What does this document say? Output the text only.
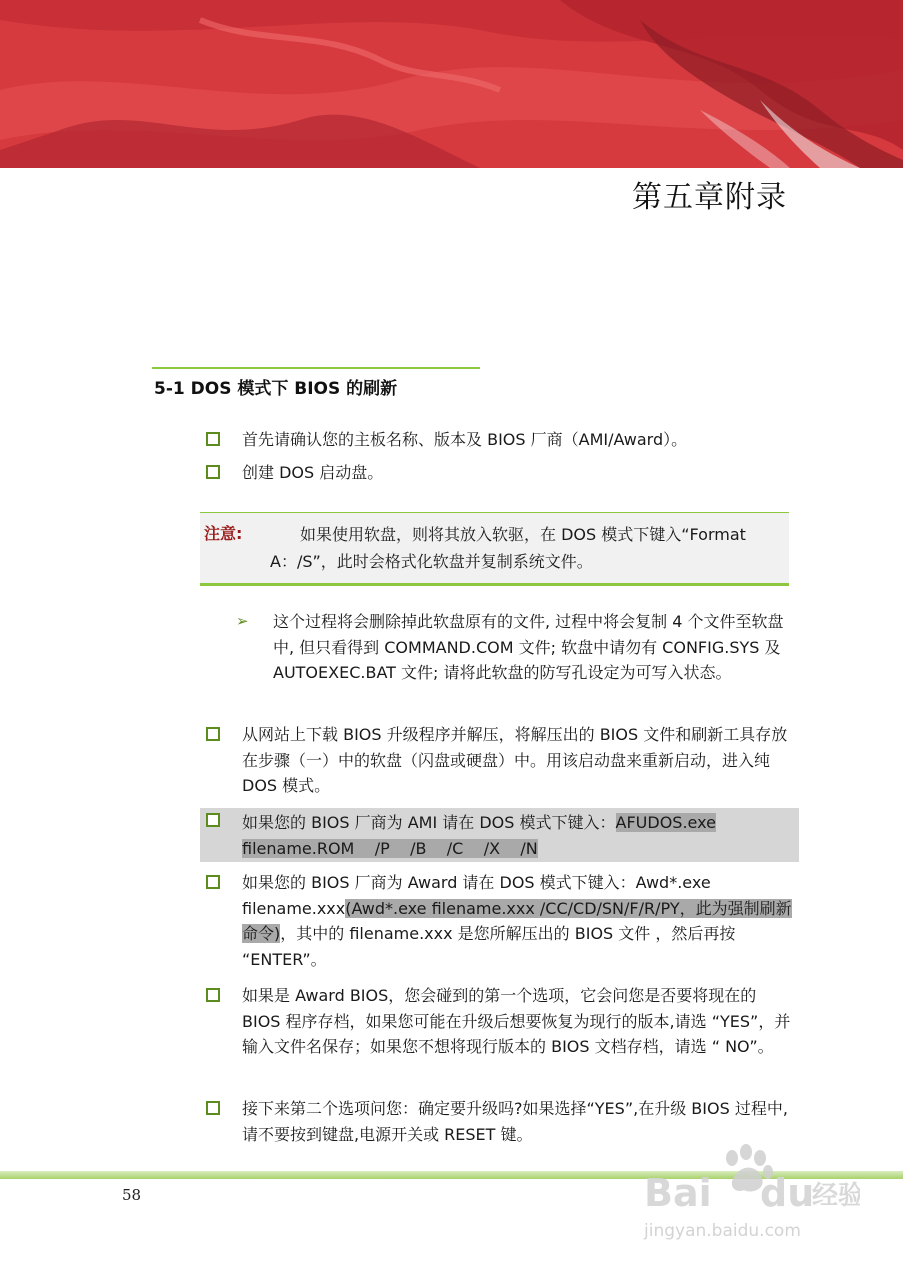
第五章附录
5-1 DOS 模式下 BIOS 的刷新
首先请确认您的主板名称、版本及 BIOS 厂商（AMI/Award）。
创建 DOS 启动盘。
注意:	如果使用软盘，则将其放入软驱，在 DOS 模式下键入“Format A：/S”，此时会格式化软盘并复制系统文件。
➢ 这个过程将会删除掉此软盘原有的文件, 过程中将会复制 4 个文件至软盘中, 但只看得到 COMMAND.COM 文件; 软盘中请勿有 CONFIG.SYS 及 AUTOEXEC.BAT 文件; 请将此软盘的防写孔设定为可写入状态。
从网站上下载 BIOS 升级程序并解压，将解压出的 BIOS 文件和刷新工具存放在步骤（一）中的软盘（闪盘或硬盘）中。用该启动盘来重新启动，进入纯 DOS 模式。
如果您的 BIOS 厂商为 AMI 请在 DOS 模式下键入：AFUDOS.exe
filename.ROM    /P    /B    /C    /X    /N
如果您的 BIOS 厂商为 Award 请在 DOS 模式下键入：Awd*.exe filename.xxx(Awd*.exe filename.xxx /CC/CD/SN/F/R/PY，此为强制刷新命令)，其中的 filename.xxx 是您所解压出的 BIOS 文件 ，然后再按 “ENTER”。
如果是 Award BIOS，您会碰到的第一个选项，它会问您是否要将现在的 BIOS 程序存档，如果您可能在升级后想要恢复为现行的版本,请选 “YES”，并输入文件名保存；如果您不想将现行版本的 BIOS 文档存档，请选 “ NO”。
接下来第二个选项问您：确定要升级吗?如果选择“YES”,在升级 BIOS 过程中,请不要按到键盘,电源开关或 RESET 键。
58	Bai du
经验
jingyan.baidu.com
